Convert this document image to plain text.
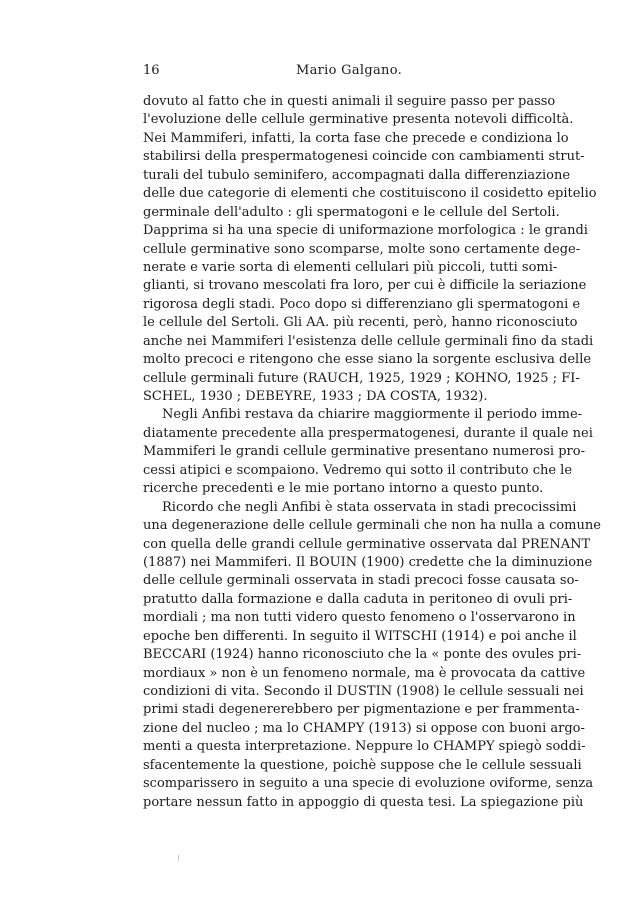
16	Mario Galgano.
dovuto al fatto che in questi animali il seguire passo per passo
l'evoluzione delle cellule germinative presenta notevoli difficoltà.
Nei Mammiferi, infatti, la corta fase che precede e condiziona lo
stabilirsi della prespermatogenesi coincide con cambiamenti strut-
turali del tubulo seminifero, accompagnati dalla differenziazione
delle due categorie di elementi che costituiscono il cosidetto epitelio
germinale dell'adulto : gli spermatogoni e le cellule del Sertoli.
Dapprima si ha una specie di uniformazione morfologica : le grandi
cellule germinative sono scomparse, molte sono certamente dege-
nerate e varie sorta di elementi cellulari più piccoli, tutti somi-
glianti, si trovano mescolati fra loro, per cui è difficile la seriazione
rigorosa degli stadi. Poco dopo si differenziano gli spermatogoni e
le cellule del Sertoli. Gli AA. più recenti, però, hanno riconosciuto
anche nei Mammiferi l'esistenza delle cellule germinali fino da stadi
molto precoci e ritengono che esse siano la sorgente esclusiva delle
cellule germinali future (RAUCH, 1925, 1929 ; KOHNO, 1925 ; FI-
SCHEL, 1930 ; DEBEYRE, 1933 ; DA COSTA, 1932).
Negli Anfibi restava da chiarire maggiormente il periodo imme-
diatamente precedente alla prespermatogenesi, durante il quale nei
Mammiferi le grandi cellule germinative presentano numerosi pro-
cessi atipici e scompaiono. Vedremo qui sotto il contributo che le
ricerche precedenti e le mie portano intorno a questo punto.
Ricordo che negli Anfibi è stata osservata in stadi precocissimi
una degenerazione delle cellule germinali che non ha nulla a comune
con quella delle grandi cellule germinative osservata dal PRENANT
(1887) nei Mammiferi. Il BOUIN (1900) credette che la diminuzione
delle cellule germinali osservata in stadi precoci fosse causata so-
pratutto dalla formazione e dalla caduta in peritoneo di ovuli pri-
mordiali ; ma non tutti videro questo fenomeno o l'osservarono in
epoche ben differenti. In seguito il WITSCHI (1914) e poi anche il
BECCARI (1924) hanno riconosciuto che la « ponte des ovules pri-
mordiaux » non è un fenomeno normale, ma è provocata da cattive
condizioni di vita. Secondo il DUSTIN (1908) le cellule sessuali nei
primi stadi degenererebbero per pigmentazione e per frammenta-
zione del nucleo ; ma lo CHAMPY (1913) si oppose con buoni argo-
menti a questa interpretazione. Neppure lo CHAMPY spiegò soddi-
sfacentemente la questione, poichè suppose che le cellule sessuali
scomparissero in seguito a una specie di evoluzione oviforme, senza
portare nessun fatto in appoggio di questa tesi. La spiegazione più
